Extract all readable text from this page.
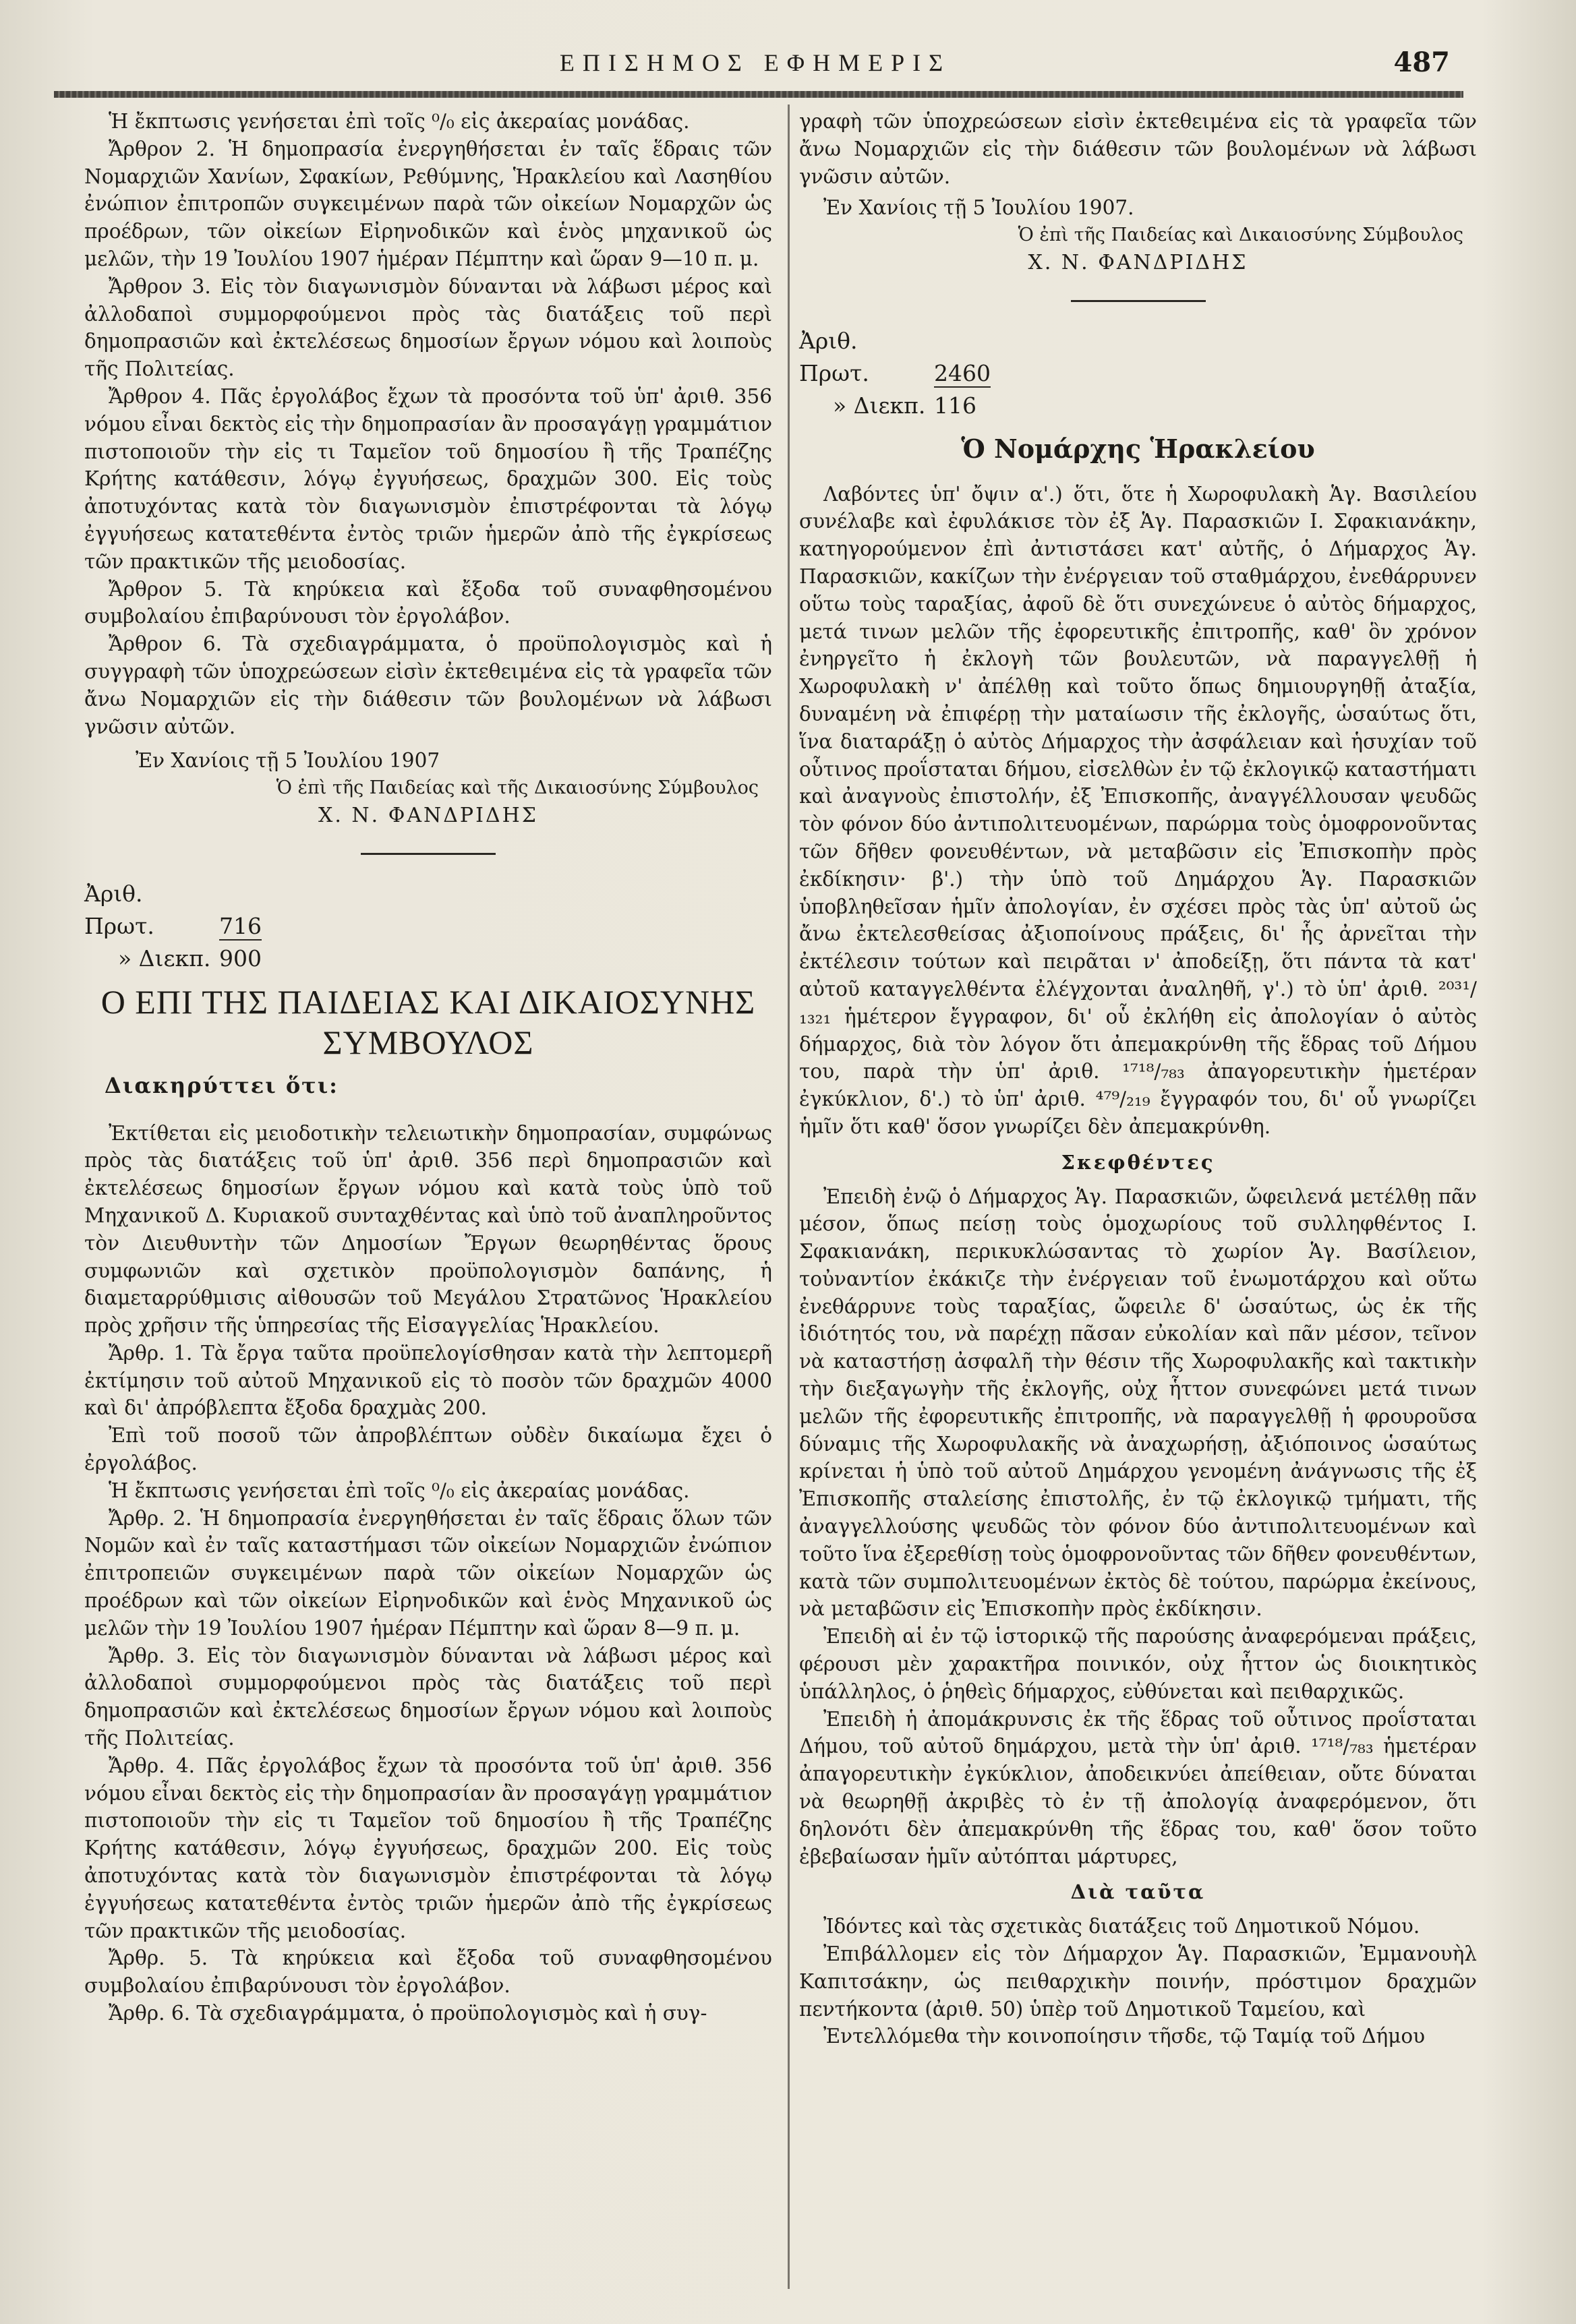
ΕΠΙΣΗΜΟΣ ΕΦΗΜΕΡΙΣ	487

Ἡ ἔκπτωσις γενήσεται ἐπὶ τοῖς ⁰/₀ εἰς ἀκεραίας μονάδας.

Ἄρθρον 2. Ἡ δημοπρασία ἐνεργηθήσεται ἐν ταῖς ἕδραις τῶν Νομαρχιῶν Χανίων, Σφακίων, Ρεθύμνης, Ἡρακλείου καὶ Λασηθίου ἐνώπιον ἐπιτροπῶν συγκειμένων παρὰ τῶν οἰκείων Νομαρχῶν ὡς προέδρων, τῶν οἰκείων Εἰρηνοδικῶν καὶ ἑνὸς μηχανικοῦ ὡς μελῶν, τὴν 19 Ἰουλίου 1907 ἡμέραν Πέμπτην καὶ ὥραν 9—10 π. μ.

Ἄρθρον 3. Εἰς τὸν διαγωνισμὸν δύνανται νὰ λάβωσι μέρος καὶ ἀλλοδαποὶ συμμορφούμενοι πρὸς τὰς διατάξεις τοῦ περὶ δημοπρασιῶν καὶ ἐκτελέσεως δημοσίων ἔργων νόμου καὶ λοιποὺς τῆς Πολιτείας.

Ἄρθρον 4. Πᾶς ἐργολάβος ἔχων τὰ προσόντα τοῦ ὑπ' ἀριθ. 356 νόμου εἶναι δεκτὸς εἰς τὴν δημοπρασίαν ἂν προσαγάγῃ γραμμάτιον πιστοποιοῦν τὴν εἰς τι Ταμεῖον τοῦ δημοσίου ἢ τῆς Τραπέζης Κρήτης κατάθεσιν, λόγῳ ἐγγυήσεως, δραχμῶν 300. Εἰς τοὺς ἀποτυχόντας κατὰ τὸν διαγωνισμὸν ἐπιστρέφονται τὰ λόγῳ ἐγγυήσεως κατατεθέντα ἐντὸς τριῶν ἡμερῶν ἀπὸ τῆς ἐγκρίσεως τῶν πρακτικῶν τῆς μειοδοσίας.

Ἄρθρον 5. Τὰ κηρύκεια καὶ ἔξοδα τοῦ συναφθησομένου συμβολαίου ἐπιβαρύνουσι τὸν ἐργολάβον.

Ἄρθρον 6. Τὰ σχεδιαγράμματα, ὁ προϋπολογισμὸς καὶ ἡ συγγραφὴ τῶν ὑποχρεώσεων εἰσὶν ἐκτεθειμένα εἰς τὰ γραφεῖα τῶν ἄνω Νομαρχιῶν εἰς τὴν διάθεσιν τῶν βουλομένων νὰ λάβωσι γνῶσιν αὐτῶν.

Ἐν Χανίοις τῇ 5 Ἰουλίου 1907

Ὁ ἐπὶ τῆς Παιδείας καὶ τῆς Δικαιοσύνης Σύμβουλος

Χ. Ν. ΦΑΝΔΡΙΔΗΣ

Ἀριθ. Πρωτ.	716
» Διεκπ. 900
Ο ΕΠΙ ΤΗΣ ΠΑΙΔΕΙΑΣ ΚΑΙ ΔΙΚΑΙΟΣΥΝΗΣ
ΣΥΜΒΟΥΛΟΣ
Διακηρύττει ὅτι:

Ἐκτίθεται εἰς μειοδοτικὴν τελειωτικὴν δημοπρασίαν, συμφώνως πρὸς τὰς διατάξεις τοῦ ὑπ' ἀριθ. 356 περὶ δημοπρασιῶν καὶ ἐκτελέσεως δημοσίων ἔργων νόμου καὶ κατὰ τοὺς ὑπὸ τοῦ Μηχανικοῦ Δ. Κυριακοῦ συνταχθέντας καὶ ὑπὸ τοῦ ἀναπληροῦντος τὸν Διευθυντὴν τῶν Δημοσίων Ἔργων θεωρηθέντας ὅρους συμφωνιῶν καὶ σχετικὸν προϋπολογισμὸν δαπάνης, ἡ διαμεταρρύθμισις αἰθουσῶν τοῦ Μεγάλου Στρατῶνος Ἡρακλείου πρὸς χρῆσιν τῆς ὑπηρεσίας τῆς Εἰσαγγελίας Ἡρακλείου.

Ἄρθρ. 1. Τὰ ἔργα ταῦτα προϋπελογίσθησαν κατὰ τὴν λεπτομερῆ ἐκτίμησιν τοῦ αὐτοῦ Μηχανικοῦ εἰς τὸ ποσὸν τῶν δραχμῶν 4000 καὶ δι' ἀπρόβλεπτα ἔξοδα δραχμὰς 200.

Ἐπὶ τοῦ ποσοῦ τῶν ἀπροβλέπτων οὐδὲν δικαίωμα ἔχει ὁ ἐργολάβος.

Ἡ ἔκπτωσις γενήσεται ἐπὶ τοῖς ⁰/₀ εἰς ἀκεραίας μονάδας.

Ἄρθρ. 2. Ἡ δημοπρασία ἐνεργηθήσεται ἐν ταῖς ἕδραις ὅλων τῶν Νομῶν καὶ ἐν ταῖς καταστήμασι τῶν οἰκείων Νομαρχιῶν ἐνώπιον ἐπιτροπειῶν συγκειμένων παρὰ τῶν οἰκείων Νομαρχῶν ὡς προέδρων καὶ τῶν οἰκείων Εἰρηνοδικῶν καὶ ἑνὸς Μηχανικοῦ ὡς μελῶν τὴν 19 Ἰουλίου 1907 ἡμέραν Πέμπτην καὶ ὥραν 8—9 π. μ.

Ἄρθρ. 3. Εἰς τὸν διαγωνισμὸν δύνανται νὰ λάβωσι μέρος καὶ ἀλλοδαποὶ συμμορφούμενοι πρὸς τὰς διατάξεις τοῦ περὶ δημοπρασιῶν καὶ ἐκτελέσεως δημοσίων ἔργων νόμου καὶ λοιποὺς τῆς Πολιτείας.

Ἄρθρ. 4. Πᾶς ἐργολάβος ἔχων τὰ προσόντα τοῦ ὑπ' ἀριθ. 356 νόμου εἶναι δεκτὸς εἰς τὴν δημοπρασίαν ἂν προσαγάγῃ γραμμάτιον πιστοποιοῦν τὴν εἰς τι Ταμεῖον τοῦ δημοσίου ἢ τῆς Τραπέζης Κρήτης κατάθεσιν, λόγῳ ἐγγυήσεως, δραχμῶν 200. Εἰς τοὺς ἀποτυχόντας κατὰ τὸν διαγωνισμὸν ἐπιστρέφονται τὰ λόγῳ ἐγγυήσεως κατατεθέντα ἐντὸς τριῶν ἡμερῶν ἀπὸ τῆς ἐγκρίσεως τῶν πρακτικῶν τῆς μειοδοσίας.

Ἄρθρ. 5. Τὰ κηρύκεια καὶ ἔξοδα τοῦ συναφθησομένου συμβολαίου ἐπιβαρύνουσι τὸν ἐργολάβον.

Ἄρθρ. 6. Τὰ σχεδιαγράμματα, ὁ προϋπολογισμὸς καὶ ἡ συγ-

γραφὴ τῶν ὑποχρεώσεων εἰσὶν ἐκτεθειμένα εἰς τὰ γραφεῖα τῶν ἄνω Νομαρχιῶν εἰς τὴν διάθεσιν τῶν βουλομένων νὰ λάβωσι γνῶσιν αὐτῶν.

Ἐν Χανίοις τῇ 5 Ἰουλίου 1907.

Ὁ ἐπὶ τῆς Παιδείας καὶ Δικαιοσύνης Σύμβουλος

Χ. Ν. ΦΑΝΔΡΙΔΗΣ

Ἀριθ. Πρωτ.	2460
» Διεκπ. 116
Ὁ Νομάρχης Ἡρακλείου

Λαβόντες ὑπ' ὄψιν α'.) ὅτι, ὅτε ἡ Χωροφυλακὴ Ἁγ. Βασιλείου συνέλαβε καὶ ἐφυλάκισε τὸν ἐξ Ἁγ. Παρασκιῶν Ι. Σφακιανάκην, κατηγορούμενον ἐπὶ ἀντιστάσει κατ' αὐτῆς, ὁ Δήμαρχος Ἁγ. Παρασκιῶν, κακίζων τὴν ἐνέργειαν τοῦ σταθμάρχου, ἐνεθάρρυνεν οὕτω τοὺς ταραξίας, ἀφοῦ δὲ ὅτι συνεχώνευε ὁ αὐτὸς δήμαρχος, μετά τινων μελῶν τῆς ἐφορευτικῆς ἐπιτροπῆς, καθ' ὃν χρόνον ἐνηργεῖτο ἡ ἐκλογὴ τῶν βουλευτῶν, νὰ παραγγελθῇ ἡ Χωροφυλακὴ ν' ἀπέλθῃ καὶ τοῦτο ὅπως δημιουργηθῇ ἀταξία, δυναμένη νὰ ἐπιφέρῃ τὴν ματαίωσιν τῆς ἐκλογῆς, ὡσαύτως ὅτι, ἵνα διαταράξῃ ὁ αὐτὸς Δήμαρχος τὴν ἀσφάλειαν καὶ ἡσυχίαν τοῦ οὗτινος προΐσταται δήμου, εἰσελθὼν ἐν τῷ ἐκλογικῷ καταστήματι καὶ ἀναγνοὺς ἐπιστολήν, ἐξ Ἐπισκοπῆς, ἀναγγέλλουσαν ψευδῶς τὸν φόνον δύο ἀντιπολιτευομένων, παρώρμα τοὺς ὁμοφρονοῦντας τῶν δῆθεν φονευθέντων, νὰ μεταβῶσιν εἰς Ἐπισκοπὴν πρὸς ἐκδίκησιν· β'.) τὴν ὑπὸ τοῦ Δημάρχου Ἁγ. Παρασκιῶν ὑποβληθεῖσαν ἡμῖν ἀπολογίαν, ἐν σχέσει πρὸς τὰς ὑπ' αὐτοῦ ὡς ἄνω ἐκτελεσθείσας ἀξιοποίνους πράξεις, δι' ἧς ἀρνεῖται τὴν ἐκτέλεσιν τούτων καὶ πειρᾶται ν' ἀποδείξῃ, ὅτι πάντα τὰ κατ' αὐτοῦ καταγγελθέντα ἐλέγχονται ἀναληθῆ, γ'.) τὸ ὑπ' ἀριθ. ²⁰³¹/₁₃₂₁ ἡμέτερον ἔγγραφον, δι' οὗ ἐκλήθη εἰς ἀπολογίαν ὁ αὐτὸς δήμαρχος, διὰ τὸν λόγον ὅτι ἀπεμακρύνθη τῆς ἕδρας τοῦ Δήμου του, παρὰ τὴν ὑπ' ἀριθ. ¹⁷¹⁸/₇₈₃ ἀπαγορευτικὴν ἡμετέραν ἐγκύκλιον, δ'.) τὸ ὑπ' ἀριθ. ⁴⁷⁹/₂₁₉ ἔγγραφόν του, δι' οὗ γνωρίζει ἡμῖν ὅτι καθ' ὅσον γνωρίζει δὲν ἀπεμακρύνθη.

Σκεφθέντες

Ἐπειδὴ ἐνῷ ὁ Δήμαρχος Ἁγ. Παρασκιῶν, ὤφειλενά μετέλθῃ πᾶν μέσον, ὅπως πείσῃ τοὺς ὁμοχωρίους τοῦ συλληφθέντος Ι. Σφακιανάκη, περικυκλώσαντας τὸ χωρίον Ἁγ. Βασίλειον, τοὐναντίον ἐκάκιζε τὴν ἐνέργειαν τοῦ ἐνωμοτάρχου καὶ οὕτω ἐνεθάρρυνε τοὺς ταραξίας, ὤφειλε δ' ὡσαύτως, ὡς ἐκ τῆς ἰδιότητός του, νὰ παρέχῃ πᾶσαν εὐκολίαν καὶ πᾶν μέσον, τεῖνον νὰ καταστήσῃ ἀσφαλῆ τὴν θέσιν τῆς Χωροφυλακῆς καὶ τακτικὴν τὴν διεξαγωγὴν τῆς ἐκλογῆς, οὐχ ἧττον συνεφώνει μετά τινων μελῶν τῆς ἐφορευτικῆς ἐπιτροπῆς, νὰ παραγγελθῇ ἡ φρουροῦσα δύναμις τῆς Χωροφυλακῆς νὰ ἀναχωρήσῃ, ἀξιόποινος ὡσαύτως κρίνεται ἡ ὑπὸ τοῦ αὐτοῦ Δημάρχου γενομένη ἀνάγνωσις τῆς ἐξ Ἐπισκοπῆς σταλείσης ἐπιστολῆς, ἐν τῷ ἐκλογικῷ τμήματι, τῆς ἀναγγελλούσης ψευδῶς τὸν φόνον δύο ἀντιπολιτευομένων καὶ τοῦτο ἵνα ἐξερεθίσῃ τοὺς ὁμοφρονοῦντας τῶν δῆθεν φονευθέντων, κατὰ τῶν συμπολιτευομένων ἐκτὸς δὲ τούτου, παρώρμα ἐκείνους, νὰ μεταβῶσιν εἰς Ἐπισκοπὴν πρὸς ἐκδίκησιν.

Ἐπειδὴ αἱ ἐν τῷ ἱστορικῷ τῆς παρούσης ἀναφερόμεναι πράξεις, φέρουσι μὲν χαρακτῆρα ποινικόν, οὐχ ἧττον ὡς διοικητικὸς ὑπάλληλος, ὁ ῥηθεὶς δήμαρχος, εὐθύνεται καὶ πειθαρχικῶς.

Ἐπειδὴ ἡ ἀπομάκρυνσις ἐκ τῆς ἕδρας τοῦ οὗτινος προΐσταται Δήμου, τοῦ αὐτοῦ δημάρχου, μετὰ τὴν ὑπ' ἀριθ. ¹⁷¹⁸/₇₈₃ ἡμετέραν ἀπαγορευτικὴν ἐγκύκλιον, ἀποδεικνύει ἀπείθειαν, οὔτε δύναται νὰ θεωρηθῇ ἀκριβὲς τὸ ἐν τῇ ἀπολογίᾳ ἀναφερόμενον, ὅτι δηλονότι δὲν ἀπεμακρύνθη τῆς ἕδρας του, καθ' ὅσον τοῦτο ἐβεβαίωσαν ἡμῖν αὐτόπται μάρτυρες,

Διὰ ταῦτα

Ἰδόντες καὶ τὰς σχετικὰς διατάξεις τοῦ Δημοτικοῦ Νόμου.

Ἐπιβάλλομεν εἰς τὸν Δήμαρχον Ἁγ. Παρασκιῶν, Ἐμμανουὴλ Καπιτσάκην, ὡς πειθαρχικὴν ποινήν, πρόστιμον δραχμῶν πεντήκοντα (ἀριθ. 50) ὑπὲρ τοῦ Δημοτικοῦ Ταμείου, καὶ

Ἐντελλόμεθα τὴν κοινοποίησιν τῆσδε, τῷ Ταμίᾳ τοῦ Δήμου
